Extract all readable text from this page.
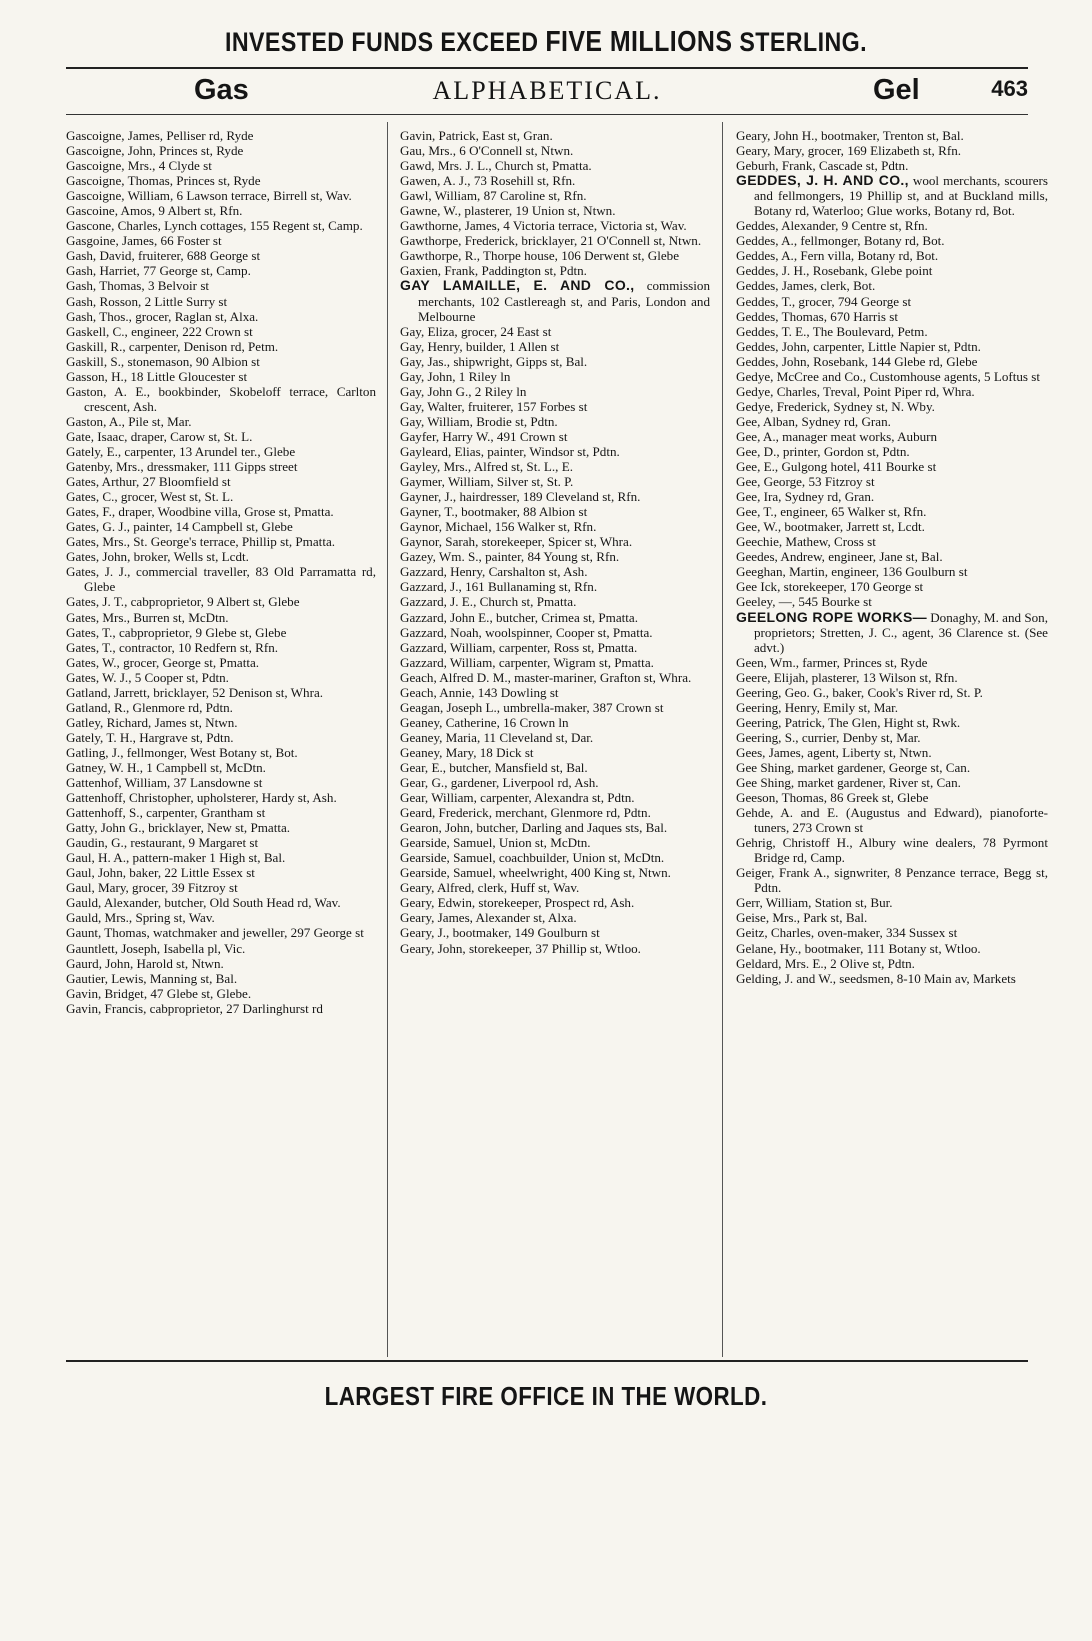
INVESTED FUNDS EXCEED FIVE MILLIONS STERLING.
Gas	ALPHABETICAL.	Gel	463
Gascoigne, James, Pelliser rd, Ryde
Gascoigne, John, Princes st, Ryde
Gascoigne, Mrs., 4 Clyde st
Gascoigne, Thomas, Princes st, Ryde
Gascoigne, William, 6 Lawson terrace, Birrell st, Wav.
Gascoine, Amos, 9 Albert st, Rfn.
Gascone, Charles, Lynch cottages, 155 Regent st, Camp.
Gasgoine, James, 66 Foster st
Gash, David, fruiterer, 688 George st
Gash, Harriet, 77 George st, Camp.
Gash, Thomas, 3 Belvoir st
Gash, Rosson, 2 Little Surry st
Gash, Thos., grocer, Raglan st, Alxa.
Gaskell, C., engineer, 222 Crown st
Gaskill, R., carpenter, Denison rd, Petm.
Gaskill, S., stonemason, 90 Albion st
Gasson, H., 18 Little Gloucester st
Gaston, A. E., bookbinder, Skobeloff terrace, Carlton crescent, Ash.
Gaston, A., Pile st, Mar.
Gate, Isaac, draper, Carow st, St. L.
Gately, E., carpenter, 13 Arundel ter., Glebe
Gatenby, Mrs., dressmaker, 111 Gipps street
Gates, Arthur, 27 Bloomfield st
Gates, C., grocer, West st, St. L.
Gates, F., draper, Woodbine villa, Grose st, Pmatta.
Gates, G. J., painter, 14 Campbell st, Glebe
Gates, Mrs., St. George's terrace, Phillip st, Pmatta.
Gates, John, broker, Wells st, Lcdt.
Gates, J. J., commercial traveller, 83 Old Parramatta rd, Glebe
Gates, J. T., cabproprietor, 9 Albert st, Glebe
Gates, Mrs., Burren st, McDtn.
Gates, T., cabproprietor, 9 Glebe st, Glebe
Gates, T., contractor, 10 Redfern st, Rfn.
Gates, W., grocer, George st, Pmatta.
Gates, W. J., 5 Cooper st, Pdtn.
Gatland, Jarrett, bricklayer, 52 Denison st, Whra.
Gatland, R., Glenmore rd, Pdtn.
Gatley, Richard, James st, Ntwn.
Gately, T. H., Hargrave st, Pdtn.
Gatling, J., fellmonger, West Botany st, Bot.
Gatney, W. H., 1 Campbell st, McDtn.
Gattenhof, William, 37 Lansdowne st
Gattenhoff, Christopher, upholsterer, Hardy st, Ash.
Gattenhoff, S., carpenter, Grantham st
Gatty, John G., bricklayer, New st, Pmatta.
Gaudin, G., restaurant, 9 Margaret st
Gaul, H. A., pattern-maker 1 High st, Bal.
Gaul, John, baker, 22 Little Essex st
Gaul, Mary, grocer, 39 Fitzroy st
Gauld, Alexander, butcher, Old South Head rd, Wav.
Gauld, Mrs., Spring st, Wav.
Gaunt, Thomas, watchmaker and jeweller, 297 George st
Gauntlett, Joseph, Isabella pl, Vic.
Gaurd, John, Harold st, Ntwn.
Gautier, Lewis, Manning st, Bal.
Gavin, Bridget, 47 Glebe st, Glebe.
Gavin, Francis, cabproprietor, 27 Darlinghurst rd
Gavin, Patrick, East st, Gran.
Gau, Mrs., 6 O'Connell st, Ntwn.
Gawd, Mrs. J. L., Church st, Pmatta.
Gawen, A. J., 73 Rosehill st, Rfn.
Gawl, William, 87 Caroline st, Rfn.
Gawne, W., plasterer, 19 Union st, Ntwn.
Gawthorne, James, 4 Victoria terrace, Victoria st, Wav.
Gawthorpe, Frederick, bricklayer, 21 O'Connell st, Ntwn.
Gawthorpe, R., Thorpe house, 106 Derwent st, Glebe
Gaxien, Frank, Paddington st, Pdtn.
GAY LAMAILLE, E. AND CO., commission merchants, 102 Castlereagh st, and Paris, London and Melbourne
Gay, Eliza, grocer, 24 East st
Gay, Henry, builder, 1 Allen st
Gay, Jas., shipwright, Gipps st, Bal.
Gay, John, 1 Riley ln
Gay, John G., 2 Riley ln
Gay, Walter, fruiterer, 157 Forbes st
Gay, William, Brodie st, Pdtn.
Gayfer, Harry W., 491 Crown st
Gayleard, Elias, painter, Windsor st, Pdtn.
Gayley, Mrs., Alfred st, St. L., E.
Gaymer, William, Silver st, St. P.
Gayner, J., hairdresser, 189 Cleveland st, Rfn.
Gayner, T., bootmaker, 88 Albion st
Gaynor, Michael, 156 Walker st, Rfn.
Gaynor, Sarah, storekeeper, Spicer st, Whra.
Gazey, Wm. S., painter, 84 Young st, Rfn.
Gazzard, Henry, Carshalton st, Ash.
Gazzard, J., 161 Bullanaming st, Rfn.
Gazzard, J. E., Church st, Pmatta.
Gazzard, John E., butcher, Crimea st, Pmatta.
Gazzard, Noah, woolspinner, Cooper st, Pmatta.
Gazzard, William, carpenter, Ross st, Pmatta.
Gazzard, William, carpenter, Wigram st, Pmatta.
Geach, Alfred D. M., master-mariner, Grafton st, Whra.
Geach, Annie, 143 Dowling st
Geagan, Joseph L., umbrella-maker, 387 Crown st
Geaney, Catherine, 16 Crown ln
Geaney, Maria, 11 Cleveland st, Dar.
Geaney, Mary, 18 Dick st
Gear, E., butcher, Mansfield st, Bal.
Gear, G., gardener, Liverpool rd, Ash.
Gear, William, carpenter, Alexandra st, Pdtn.
Geard, Frederick, merchant, Glenmore rd, Pdtn.
Gearon, John, butcher, Darling and Jaques sts, Bal.
Gearside, Samuel, Union st, McDtn.
Gearside, Samuel, coachbuilder, Union st, McDtn.
Gearside, Samuel, wheelwright, 400 King st, Ntwn.
Geary, Alfred, clerk, Huff st, Wav.
Geary, Edwin, storekeeper, Prospect rd, Ash.
Geary, James, Alexander st, Alxa.
Geary, J., bootmaker, 149 Goulburn st
Geary, John, storekeeper, 37 Phillip st, Wtloo.
Geary, John H., bootmaker, Trenton st, Bal.
Geary, Mary, grocer, 169 Elizabeth st, Rfn.
Geburh, Frank, Cascade st, Pdtn.
GEDDES, J. H. AND CO., wool merchants, scourers and fellmongers, 19 Phillip st, and at Buckland mills, Botany rd, Waterloo; Glue works, Botany rd, Bot.
Geddes, Alexander, 9 Centre st, Rfn.
Geddes, A., fellmonger, Botany rd, Bot.
Geddes, A., Fern villa, Botany rd, Bot.
Geddes, J. H., Rosebank, Glebe point
Geddes, James, clerk, Bot.
Geddes, T., grocer, 794 George st
Geddes, Thomas, 670 Harris st
Geddes, T. E., The Boulevard, Petm.
Geddes, John, carpenter, Little Napier st, Pdtn.
Geddes, John, Rosebank, 144 Glebe rd, Glebe
Gedye, McCree and Co., Customhouse agents, 5 Loftus st
Gedye, Charles, Treval, Point Piper rd, Whra.
Gedye, Frederick, Sydney st, N. Wby.
Gee, Alban, Sydney rd, Gran.
Gee, A., manager meat works, Auburn
Gee, D., printer, Gordon st, Pdtn.
Gee, E., Gulgong hotel, 411 Bourke st
Gee, George, 53 Fitzroy st
Gee, Ira, Sydney rd, Gran.
Gee, T., engineer, 65 Walker st, Rfn.
Gee, W., bootmaker, Jarrett st, Lcdt.
Geechie, Mathew, Cross st
Geedes, Andrew, engineer, Jane st, Bal.
Geeghan, Martin, engineer, 136 Goulburn st
Gee Ick, storekeeper, 170 George st
Geeley, —, 545 Bourke st
GEELONG ROPE WORKS— Donaghy, M. and Son, proprietors; Stretten, J. C., agent, 36 Clarence st. (See advt.)
Geen, Wm., farmer, Princes st, Ryde
Geere, Elijah, plasterer, 13 Wilson st, Rfn.
Geering, Geo. G., baker, Cook's River rd, St. P.
Geering, Henry, Emily st, Mar.
Geering, Patrick, The Glen, Hight st, Rwk.
Geering, S., currier, Denby st, Mar.
Gees, James, agent, Liberty st, Ntwn.
Gee Shing, market gardener, George st, Can.
Gee Shing, market gardener, River st, Can.
Geeson, Thomas, 86 Greek st, Glebe
Gehde, A. and E. (Augustus and Edward), pianoforte-tuners, 273 Crown st
Gehrig, Christoff H., Albury wine dealers, 78 Pyrmont Bridge rd, Camp.
Geiger, Frank A., signwriter, 8 Penzance terrace, Begg st, Pdtn.
Gerr, William, Station st, Bur.
Geise, Mrs., Park st, Bal.
Geitz, Charles, oven-maker, 334 Sussex st
Gelane, Hy., bootmaker, 111 Botany st, Wtloo.
Geldard, Mrs. E., 2 Olive st, Pdtn.
Gelding, J. and W., seedsmen, 8-10 Main av, Markets
LARGEST FIRE OFFICE IN THE WORLD.
